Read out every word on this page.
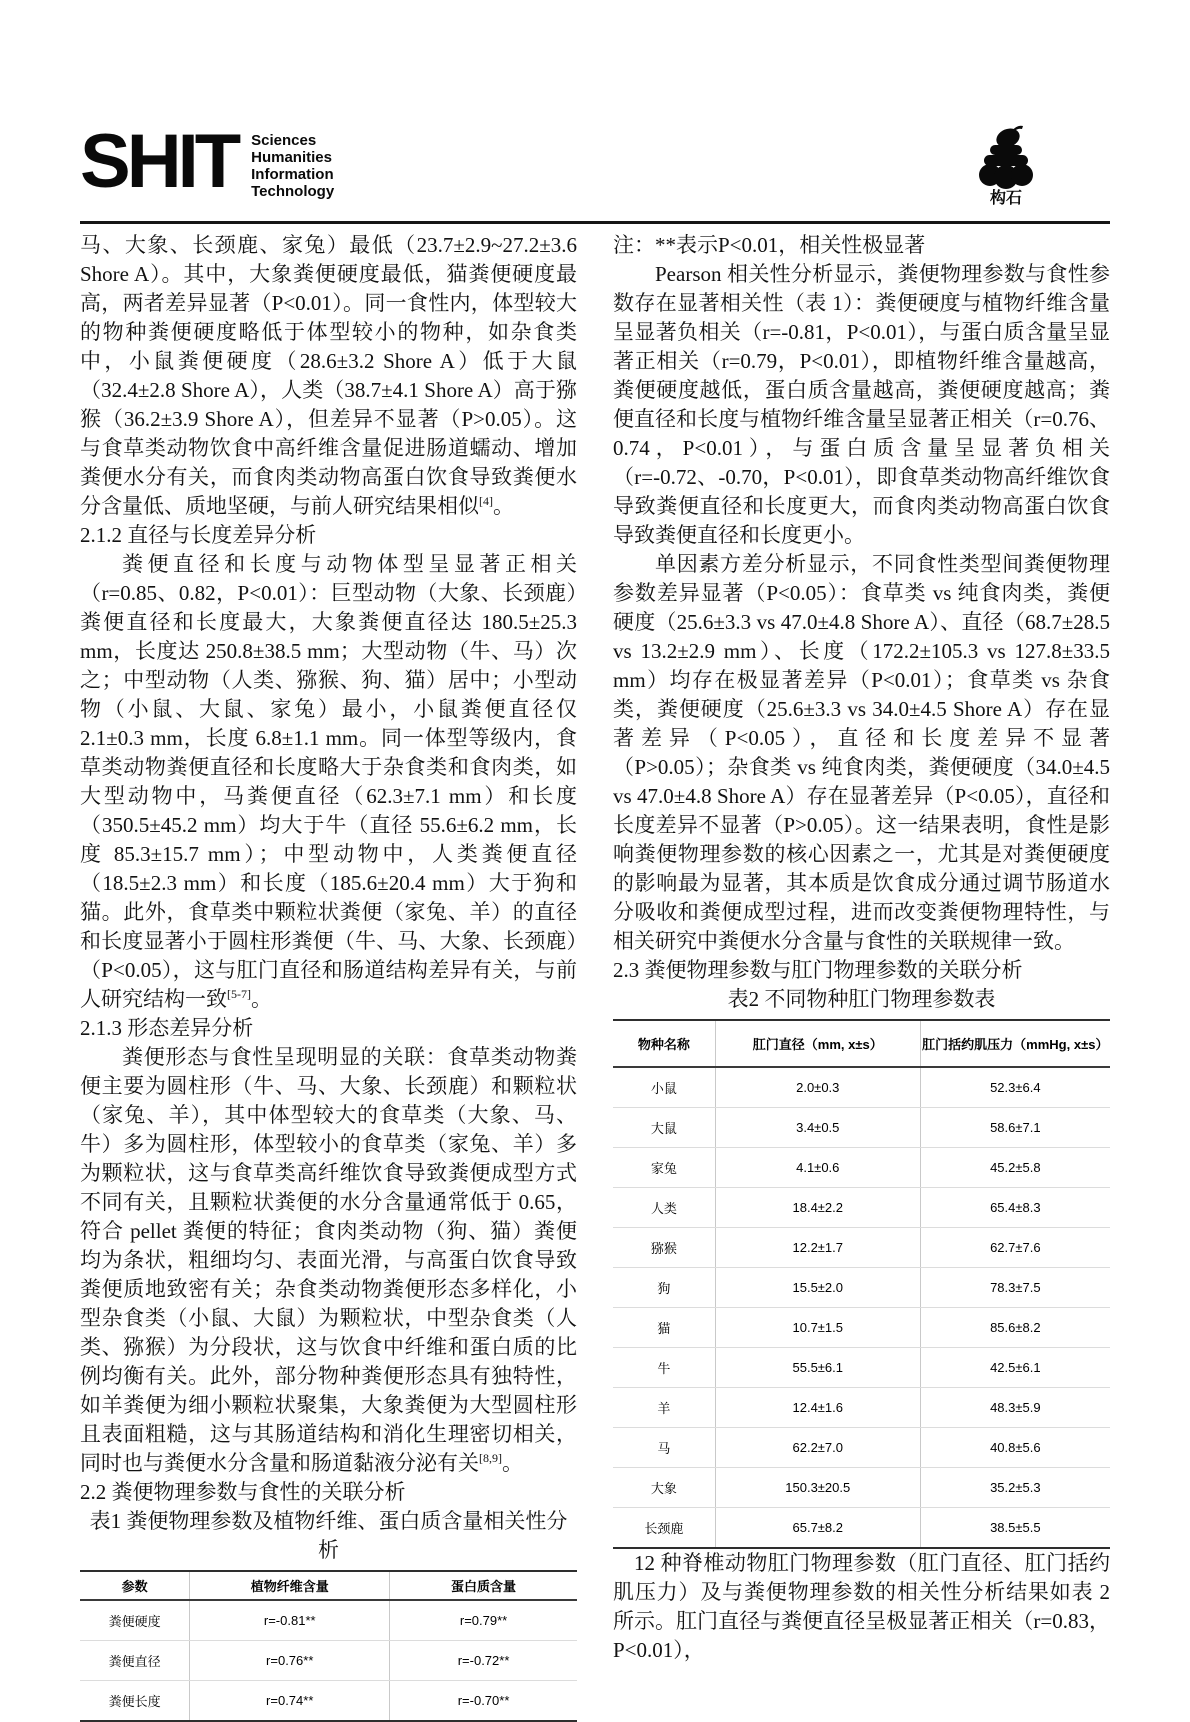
SHIT Sciences
Humanities
Information
Technology	构石

马、大象、长颈鹿、家兔）最低（23.7±2.9~27.2±3.6 Shore A）。其中，大象粪便硬度最低，猫粪便硬度最高，两者差异显著（P<0.01）。同一食性内，体型较大的物种粪便硬度略低于体型较小的物种，如杂食类中，小鼠粪便硬度（28.6±3.2 Shore A）低于大鼠（32.4±2.8 Shore A），人类（38.7±4.1 Shore A）高于猕猴（36.2±3.9 Shore A），但差异不显著（P>0.05）。这与食草类动物饮食中高纤维含量促进肠道蠕动、增加粪便水分有关，而食肉类动物高蛋白饮食导致粪便水分含量低、质地坚硬，与前人研究结果相似[4]。

2.1.2 直径与长度差异分析

粪便直径和长度与动物体型呈显著正相关（r=0.85、0.82，P<0.01）：巨型动物（大象、长颈鹿）粪便直径和长度最大，大象粪便直径达 180.5±25.3 mm，长度达 250.8±38.5 mm；大型动物（牛、马）次之；中型动物（人类、猕猴、狗、猫）居中；小型动物（小鼠、大鼠、家兔）最小，小鼠粪便直径仅 2.1±0.3 mm，长度 6.8±1.1 mm。同一体型等级内，食草类动物粪便直径和长度略大于杂食类和食肉类，如大型动物中，马粪便直径（62.3±7.1 mm）和长度（350.5±45.2 mm）均大于牛（直径 55.6±6.2 mm，长度 85.3±15.7 mm）；中型动物中，人类粪便直径（18.5±2.3 mm）和长度（185.6±20.4 mm）大于狗和猫。此外，食草类中颗粒状粪便（家兔、羊）的直径和长度显著小于圆柱形粪便（牛、马、大象、长颈鹿）（P<0.05），这与肛门直径和肠道结构差异有关，与前人研究结构一致[5-7]。

2.1.3 形态差异分析

粪便形态与食性呈现明显的关联：食草类动物粪便主要为圆柱形（牛、马、大象、长颈鹿）和颗粒状（家兔、羊），其中体型较大的食草类（大象、马、牛）多为圆柱形，体型较小的食草类（家兔、羊）多为颗粒状，这与食草类高纤维饮食导致粪便成型方式不同有关，且颗粒状粪便的水分含量通常低于 0.65，符合 pellet 粪便的特征；食肉类动物（狗、猫）粪便均为条状，粗细均匀、表面光滑，与高蛋白饮食导致粪便质地致密有关；杂食类动物粪便形态多样化，小型杂食类（小鼠、大鼠）为颗粒状，中型杂食类（人类、猕猴）为分段状，这与饮食中纤维和蛋白质的比例均衡有关。此外，部分物种粪便形态具有独特性，如羊粪便为细小颗粒状聚集，大象粪便为大型圆柱形且表面粗糙，这与其肠道结构和消化生理密切相关，同时也与粪便水分含量和肠道黏液分泌有关[8,9]。

2.2 粪便物理参数与食性的关联分析

表1 粪便物理参数及植物纤维、蛋白质含量相关性分析

参数	植物纤维含量	蛋白质含量
粪便硬度	r=-0.81**	r=0.79**
粪便直径	r=0.76**	r=-0.72**
粪便长度	r=0.74**	r=-0.70**

注：**表示P<0.01，相关性极显著

Pearson 相关性分析显示，粪便物理参数与食性参数存在显著相关性（表 1）：粪便硬度与植物纤维含量呈显著负相关（r=-0.81，P<0.01），与蛋白质含量呈显著正相关（r=0.79，P<0.01），即植物纤维含量越高，粪便硬度越低，蛋白质含量越高，粪便硬度越高；粪便直径和长度与植物纤维含量呈显著正相关（r=0.76、0.74，P<0.01），与蛋白质含量呈显著负相关（r=-0.72、-0.70，P<0.01），即食草类动物高纤维饮食导致粪便直径和长度更大，而食肉类动物高蛋白饮食导致粪便直径和长度更小。

单因素方差分析显示，不同食性类型间粪便物理参数差异显著（P<0.05）：食草类 vs 纯食肉类，粪便硬度（25.6±3.3 vs 47.0±4.8 Shore A）、直径（68.7±28.5 vs 13.2±2.9 mm）、长度（172.2±105.3 vs 127.8±33.5 mm）均存在极显著差异（P<0.01）；食草类 vs 杂食类，粪便硬度（25.6±3.3 vs 34.0±4.5 Shore A）存在显著差异（P<0.05），直径和长度差异不显著（P>0.05）；杂食类 vs 纯食肉类，粪便硬度（34.0±4.5 vs 47.0±4.8 Shore A）存在显著差异（P<0.05），直径和长度差异不显著（P>0.05）。这一结果表明，食性是影响粪便物理参数的核心因素之一，尤其是对粪便硬度的影响最为显著，其本质是饮食成分通过调节肠道水分吸收和粪便成型过程，进而改变粪便物理特性，与相关研究中粪便水分含量与食性的关联规律一致。

2.3 粪便物理参数与肛门物理参数的关联分析

表2 不同物种肛门物理参数表

物种名称	肛门直径（mm, x±s）	肛门括约肌压力（mmHg, x±s）
小鼠	2.0±0.3	52.3±6.4
大鼠	3.4±0.5	58.6±7.1
家兔	4.1±0.6	45.2±5.8
人类	18.4±2.2	65.4±8.3
猕猴	12.2±1.7	62.7±7.6
狗	15.5±2.0	78.3±7.5
猫	10.7±1.5	85.6±8.2
牛	55.5±6.1	42.5±6.1
羊	12.4±1.6	48.3±5.9
马	62.2±7.0	40.8±5.6
大象	150.3±20.5	35.2±5.3
长颈鹿	65.7±8.2	38.5±5.5

12 种脊椎动物肛门物理参数（肛门直径、肛门括约肌压力）及与粪便物理参数的相关性分析结果如表 2 所示。肛门直径与粪便直径呈极显著正相关（r=0.83，P<0.01），
